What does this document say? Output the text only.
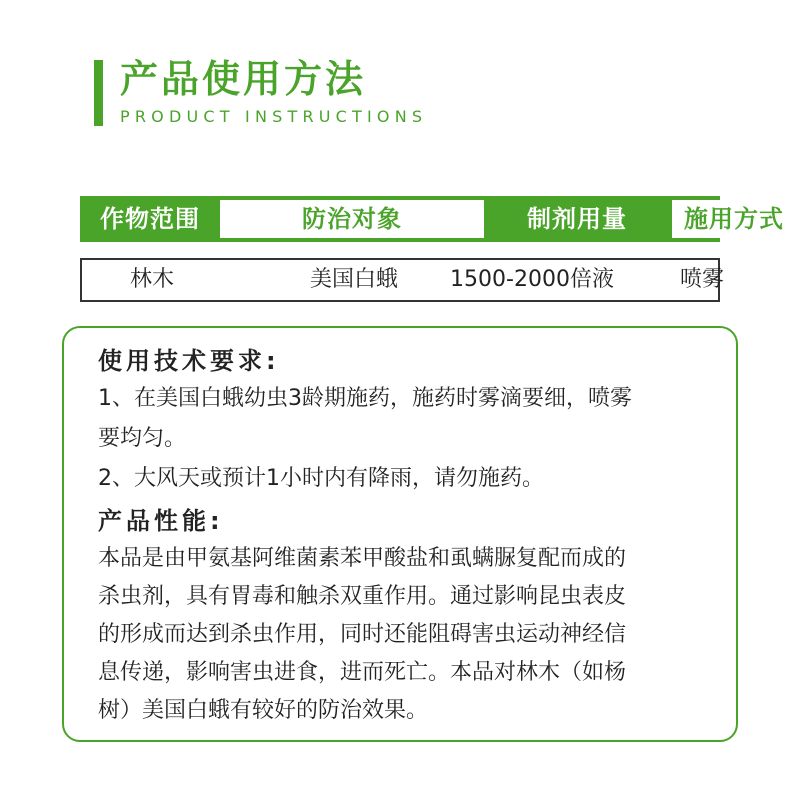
产品使用方法
PRODUCT INSTRUCTIONS
作物范围	防治对象	制剂用量	施用方式
林木	美国白蛾	1500-2000倍液	喷雾
使用技术要求:
1、在美国白蛾幼虫3龄期施药，施药时雾滴要细，喷雾
要均匀。
2、大风天或预计1小时内有降雨，请勿施药。
产品性能:
本品是由甲氨基阿维菌素苯甲酸盐和虱螨脲复配而成的
杀虫剂，具有胃毒和触杀双重作用。通过影响昆虫表皮
的形成而达到杀虫作用，同时还能阻碍害虫运动神经信
息传递，影响害虫进食，进而死亡。本品对林木（如杨
树）美国白蛾有较好的防治效果。
